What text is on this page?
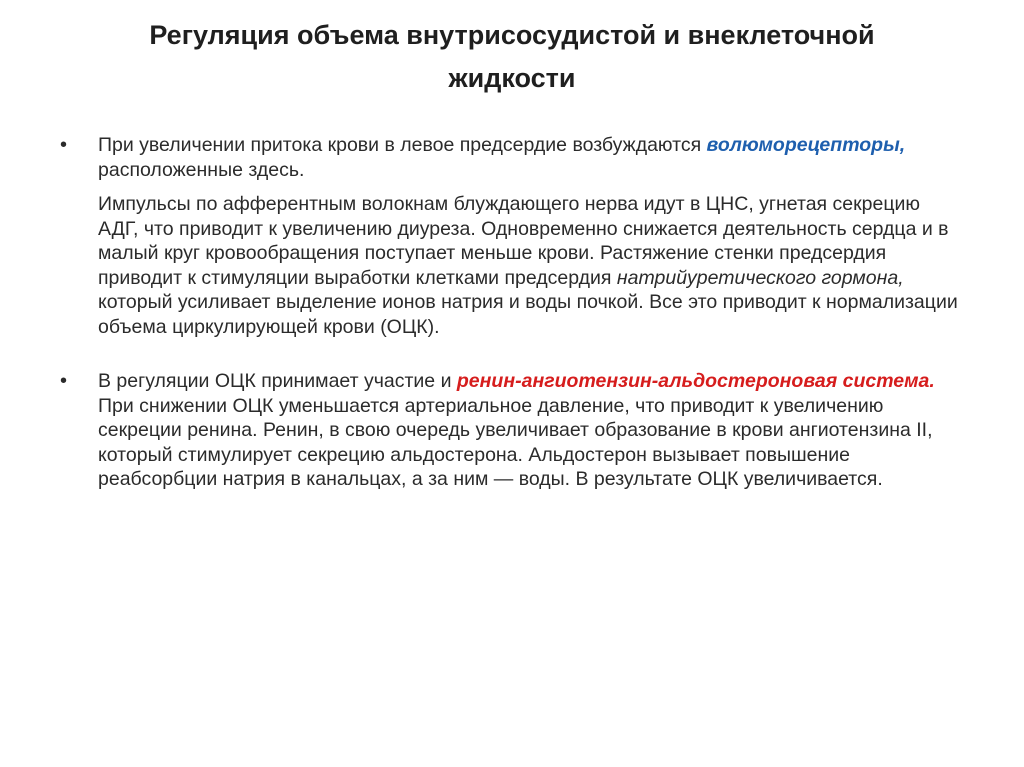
Регуляция объема внутрисосудистой и внеклеточной
жидкости
•	При увеличении притока крови в левое предсердие возбуждаются волюморецепторы, расположенные здесь.

Импульсы по афферентным волокнам блуждающего нерва идут в ЦНС, угнетая секрецию АДГ, что приводит к увеличению диуреза. Одновременно снижается деятельность сердца и в малый круг кровообращения поступает меньше крови. Растяжение стенки предсердия приводит к стимуляции выработки клетками предсердия натрийуретического гормона, который усиливает выделение ионов натрия и воды почкой. Все это приводит к нормализации объема циркулирующей крови (ОЦК).

•	В регуляции ОЦК принимает участие и ренин-ангиотензин-альдостероновая система. При снижении ОЦК уменьшается артериальное давление, что приводит к увеличению секреции ренина. Ренин, в свою очередь увеличивает образование в крови ангиотензина II, который стимулирует секрецию альдостерона. Альдостерон вызывает повышение реабсорбции натрия в канальцах, а за ним — воды. В результате ОЦК увеличивается.
